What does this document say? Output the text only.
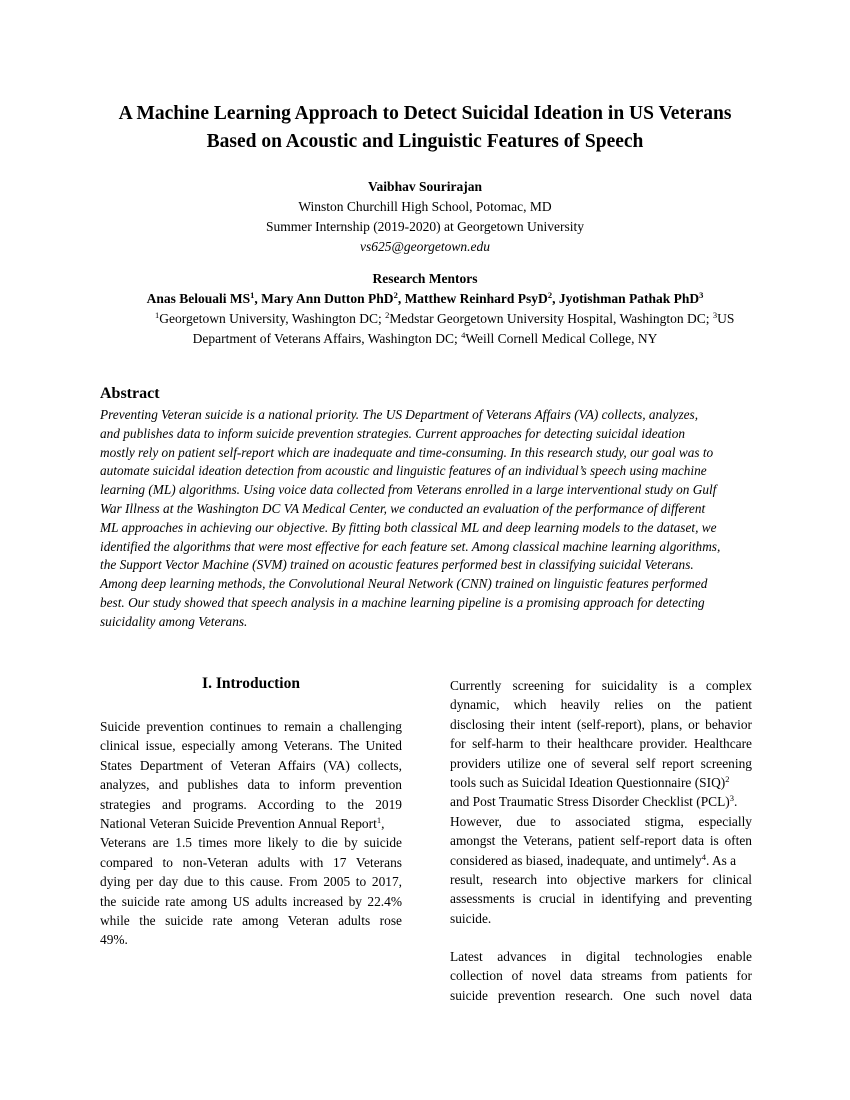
A Machine Learning Approach to Detect Suicidal Ideation in US Veterans
Based on Acoustic and Linguistic Features of Speech
Vaibhav Sourirajan
Winston Churchill High School, Potomac, MD
Summer Internship (2019-2020) at Georgetown University
vs625@georgetown.edu
Research Mentors
Anas Belouali $MS^1$, Mary Ann Dutton PhD$^2$, Matthew Reinhard PsyD$^2$, Jyotishman Pathak PhD$^3$
$^1$Georgetown University, Washington DC; $^2$Medstar Georgetown University Hospital, Washington DC; $^3$US
Department of Veterans Affairs, Washington DC; $^4$Weill Cornell Medical College, NY
Abstract
Preventing Veteran suicide is a national priority. The US Department of Veterans Affairs (VA) collects, analyzes,
and publishes data to inform suicide prevention strategies. Current approaches for detecting suicidal ideation
mostly rely on patient self-report which are inadequate and time-consuming. In this research study, our goal was to
automate suicidal ideation detection from acoustic and linguistic features of an individual’s speech using machine
learning (ML) algorithms. Using voice data collected from Veterans enrolled in a large interventional study on Gulf
War Illness at the Washington DC VA Medical Center, we conducted an evaluation of the performance of different
ML approaches in achieving our objective. By fitting both classical ML and deep learning models to the dataset, we
identified the algorithms that were most effective for each feature set. Among classical machine learning algorithms,
the Support Vector Machine (SVM) trained on acoustic features performed best in classifying suicidal Veterans.
Among deep learning methods, the Convolutional Neural Network (CNN) trained on linguistic features performed
best. Our study showed that speech analysis in a machine learning pipeline is a promising approach for detecting
suicidality among Veterans.
I. Introduction
Suicide prevention continues to remain a challenging
clinical issue, especially among Veterans. The United
States Department of Veteran Affairs (VA) collects,
analyzes, and publishes data to inform prevention
strategies and programs. According to the 2019
National Veteran Suicide Prevention Annual Report$^1$,
Veterans are 1.5 times more likely to die by suicide
compared to non-Veteran adults with 17 Veterans
dying per day due to this cause. From 2005 to 2017,
the suicide rate among US adults increased by 22.4%
while the suicide rate among Veteran adults rose
49%.
Currently screening for suicidality is a complex
dynamic, which heavily relies on the patient
disclosing their intent (self-report), plans, or behavior
for self-harm to their healthcare provider. Healthcare
providers utilize one of several self report screening
tools such as Suicidal Ideation Questionnaire (SIQ)$^2$
and Post Traumatic Stress Disorder Checklist (PCL)$^3$.
However, due to associated stigma, especially
amongst the Veterans, patient self-report data is often
considered as biased, inadequate, and untimely$^4$. As a
result, research into objective markers for clinical
assessments is crucial in identifying and preventing
suicide.
Latest advances in digital technologies enable
collection of novel data streams from patients for
suicide prevention research. One such novel data
